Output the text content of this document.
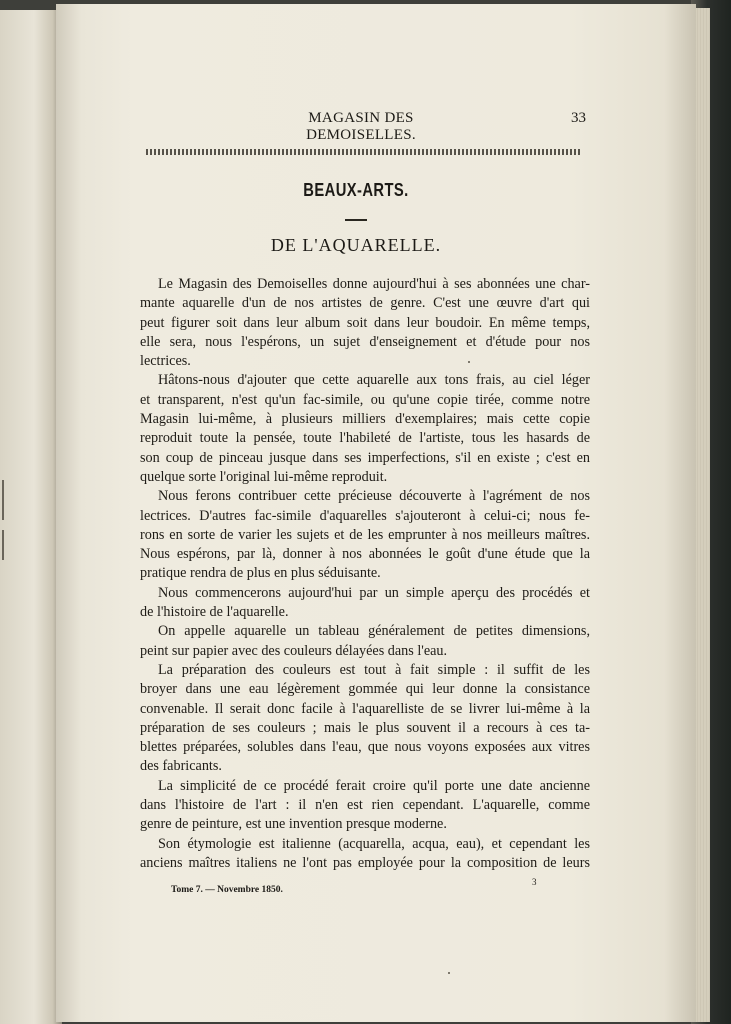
MAGASIN DES DEMOISELLES.
33
BEAUX-ARTS.
DE L'AQUARELLE.

Le Magasin des Demoiselles donne aujourd'hui à ses abonnées une char-
mante aquarelle d'un de nos artistes de genre. C'est une œuvre d'art qui
peut figurer soit dans leur album soit dans leur boudoir. En même temps,
elle sera, nous l'espérons, un sujet d'enseignement et d'étude pour nos
lectrices.

Hâtons-nous d'ajouter que cette aquarelle aux tons frais, au ciel léger
et transparent, n'est qu'un fac-simile, ou qu'une copie tirée, comme notre
Magasin lui-même, à plusieurs milliers d'exemplaires; mais cette copie
reproduit toute la pensée, toute l'habileté de l'artiste, tous les hasards de
son coup de pinceau jusque dans ses imperfections, s'il en existe ; c'est en
quelque sorte l'original lui-même reproduit.

Nous ferons contribuer cette précieuse découverte à l'agrément de nos
lectrices. D'autres fac-simile d'aquarelles s'ajouteront à celui-ci; nous fe-
rons en sorte de varier les sujets et de les emprunter à nos meilleurs maîtres.
Nous espérons, par là, donner à nos abonnées le goût d'une étude que la
pratique rendra de plus en plus séduisante.

Nous commencerons aujourd'hui par un simple aperçu des procédés et
de l'histoire de l'aquarelle.

On appelle aquarelle un tableau généralement de petites dimensions,
peint sur papier avec des couleurs délayées dans l'eau.

La préparation des couleurs est tout à fait simple : il suffit de les
broyer dans une eau légèrement gommée qui leur donne la consistance
convenable. Il serait donc facile à l'aquarelliste de se livrer lui-même à la
préparation de ses couleurs ; mais le plus souvent il a recours à ces ta-
blettes préparées, solubles dans l'eau, que nous voyons exposées aux vitres
des fabricants.

La simplicité de ce procédé ferait croire qu'il porte une date ancienne
dans l'histoire de l'art : il n'en est rien cependant. L'aquarelle, comme
genre de peinture, est une invention presque moderne.

Son étymologie est italienne (acquarella, acqua, eau), et cependant les
anciens maîtres italiens ne l'ont pas employée pour la composition de leurs

Tome 7. — Novembre 1850.
3
